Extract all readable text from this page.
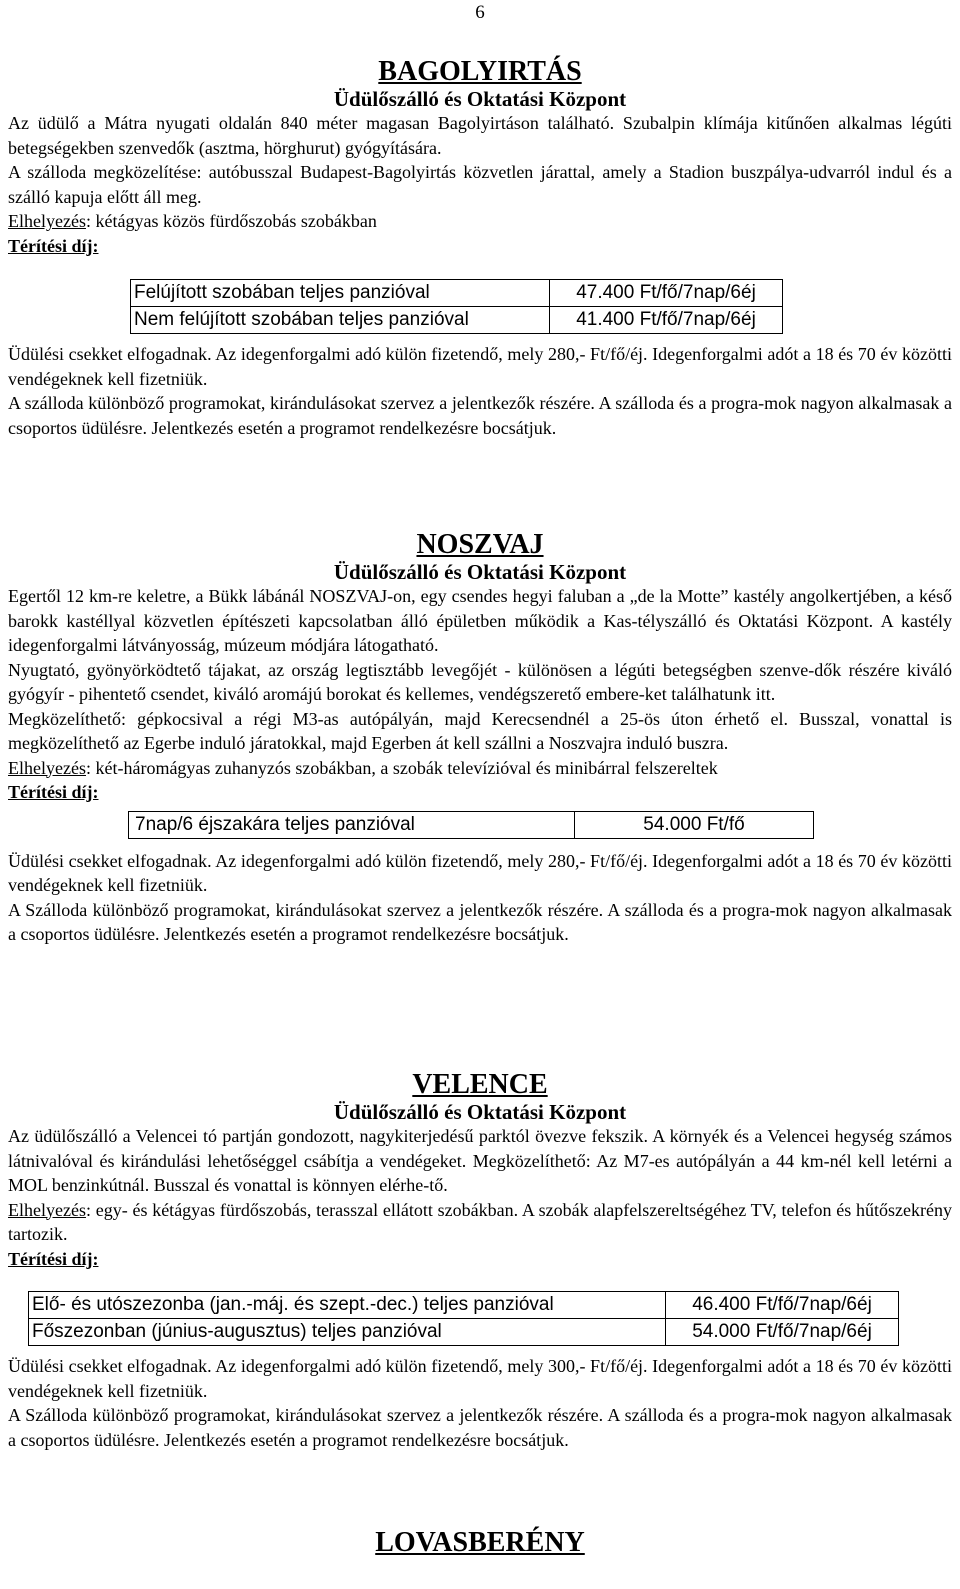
6
BAGOLYIRTÁS
Üdülőszálló és Oktatási Központ

Az üdülő a Mátra nyugati oldalán 840 méter magasan Bagolyirtáson található. Szubalpin klímája kitűnően alkalmas légúti betegségekben szenvedők (asztma, hörghurut) gyógyítására.

A szálloda megközelítése: autóbusszal Budapest-Bagolyirtás közvetlen járattal, amely a Stadion buszpálya-udvarról indul és a szálló kapuja előtt áll meg.

Elhelyezés: kétágyas közös fürdőszobás szobákban

Térítési díj:
Felújított szobában teljes panzióval	47.400 Ft/fő/7nap/6éj
Nem felújított szobában teljes panzióval	41.400 Ft/fő/7nap/6éj

Üdülési csekket elfogadnak. Az idegenforgalmi adó külön fizetendő, mely 280,- Ft/fő/éj. Idegenforgalmi adót a 18 és 70 év közötti vendégeknek kell fizetniük.

A szálloda különböző programokat, kirándulásokat szervez a jelentkezők részére. A szálloda és a progra-mok nagyon alkalmasak a csoportos üdülésre. Jelentkezés esetén a programot rendelkezésre bocsátjuk.

NOSZVAJ
Üdülőszálló és Oktatási Központ

Egertől 12 km-re keletre, a Bükk lábánál NOSZVAJ-on, egy csendes hegyi faluban a „de la Motte” kastély angolkertjében, a késő barokk kastéllyal közvetlen építészeti kapcsolatban álló épületben működik a Kas-télyszálló és Oktatási Központ. A kastély idegenforgalmi látványosság, múzeum módjára látogatható.

Nyugtató, gyönyörködtető tájakat, az ország legtisztább levegőjét - különösen a légúti betegségben szenve-dők részére kiváló gyógyír - pihentető csendet, kiváló aromájú borokat és kellemes, vendégszerető embere-ket találhatunk itt.

Megközelíthető: gépkocsival a régi M3-as autópályán, majd Kerecsendnél a 25-ös úton érhető el. Busszal, vonattal is megközelíthető az Egerbe induló járatokkal, majd Egerben át kell szállni a Noszvajra induló buszra.

Elhelyezés: két-háromágyas zuhanyzós szobákban, a szobák televízióval és minibárral felszereltek

Térítési díj:
7nap/6 éjszakára teljes panzióval	54.000 Ft/fő

Üdülési csekket elfogadnak. Az idegenforgalmi adó külön fizetendő, mely 280,- Ft/fő/éj. Idegenforgalmi adót a 18 és 70 év közötti vendégeknek kell fizetniük.

A Szálloda különböző programokat, kirándulásokat szervez a jelentkezők részére. A szálloda és a progra-mok nagyon alkalmasak a csoportos üdülésre. Jelentkezés esetén a programot rendelkezésre bocsátjuk.

VELENCE
Üdülőszálló és Oktatási Központ

Az üdülőszálló a Velencei tó partján gondozott, nagykiterjedésű parktól övezve fekszik. A környék és a Velencei hegység számos látnivalóval és kirándulási lehetőséggel csábítja a vendégeket. Megközelíthető: Az M7-es autópályán a 44 km-nél kell letérni a MOL benzinkútnál. Busszal és vonattal is könnyen elérhe-tő.

Elhelyezés: egy- és kétágyas fürdőszobás, terasszal ellátott szobákban. A szobák alapfelszereltségéhez TV, telefon és hűtőszekrény tartozik.

Térítési díj:
Elő- és utószezonba (jan.-máj. és szept.-dec.) teljes panzióval	46.400 Ft/fő/7nap/6éj
Főszezonban (június-augusztus) teljes panzióval	54.000 Ft/fő/7nap/6éj

Üdülési csekket elfogadnak. Az idegenforgalmi adó külön fizetendő, mely 300,- Ft/fő/éj. Idegenforgalmi adót a 18 és 70 év közötti vendégeknek kell fizetniük.

A Szálloda különböző programokat, kirándulásokat szervez a jelentkezők részére. A szálloda és a progra-mok nagyon alkalmasak a csoportos üdülésre. Jelentkezés esetén a programot rendelkezésre bocsátjuk.

LOVASBERÉNY
